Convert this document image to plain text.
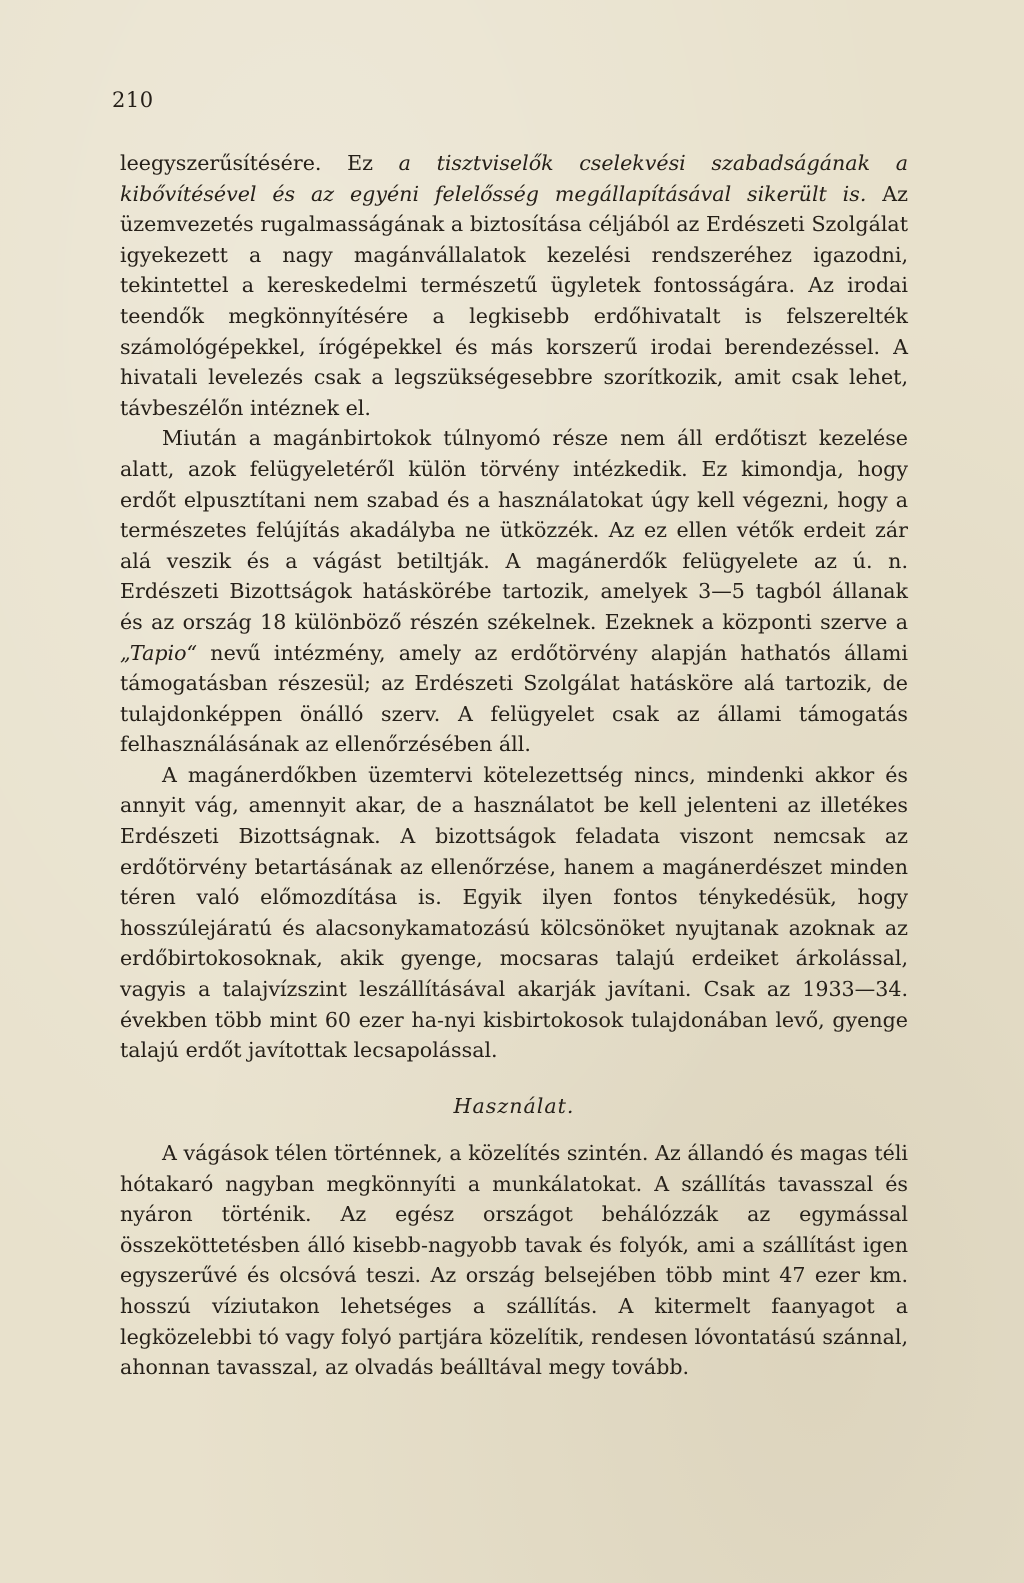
210

leegyszerűsítésére. Ez a tisztviselők cselekvési szabadságának a kibővítésével és az egyéni felelősség megállapításával sikerült is. Az üzemvezetés rugalmasságának a biztosítása céljából az Erdészeti Szolgálat igyekezett a nagy magánvállalatok kezelési rendszeréhez igazodni, tekintettel a kereskedelmi természetű ügyletek fontosságára. Az irodai teendők megkönnyítésére a legkisebb erdőhivatalt is felszerelték számológépekkel, írógépekkel és más korszerű irodai berendezéssel. A hivatali levelezés csak a legszükségesebbre szorítkozik, amit csak lehet, távbeszélőn intéznek el.

Miután a magánbirtokok túlnyomó része nem áll erdőtiszt kezelése alatt, azok felügyeletéről külön törvény intézkedik. Ez kimondja, hogy erdőt elpusztítani nem szabad és a használatokat úgy kell végezni, hogy a természetes felújítás akadályba ne ütközzék. Az ez ellen vétők erdeit zár alá veszik és a vágást betiltják. A magánerdők felügyelete az ú. n. Erdészeti Bizottságok hatáskörébe tartozik, amelyek 3—5 tagból állanak és az ország 18 különböző részén székelnek. Ezeknek a központi szerve a „Tapio“ nevű intézmény, amely az erdőtörvény alapján hathatós állami támogatásban részesül; az Erdészeti Szolgálat hatásköre alá tartozik, de tulajdonképpen önálló szerv. A felügyelet csak az állami támogatás felhasználásának az ellenőrzésében áll.

A magánerdőkben üzemtervi kötelezettség nincs, mindenki akkor és annyit vág, amennyit akar, de a használatot be kell jelenteni az illetékes Erdészeti Bizottságnak. A bizottságok feladata viszont nemcsak az erdőtörvény betartásának az ellenőrzése, hanem a magánerdészet minden téren való előmozdítása is. Egyik ilyen fontos ténykedésük, hogy hosszúlejáratú és alacsonykamatozású kölcsönöket nyujtanak azoknak az erdőbirtokosoknak, akik gyenge, mocsaras talajú erdeiket árkolással, vagyis a talajvízszint leszállításával akarják javítani. Csak az 1933—34. években több mint 60 ezer ha-nyi kisbirtokosok tulajdonában levő, gyenge talajú erdőt javítottak lecsapolással.

Használat.

A vágások télen történnek, a közelítés szintén. Az állandó és magas téli hótakaró nagyban megkönnyíti a munkálatokat. A szállítás tavasszal és nyáron történik. Az egész országot behálózzák az egymással összeköttetésben álló kisebb-nagyobb tavak és folyók, ami a szállítást igen egyszerűvé és olcsóvá teszi. Az ország belsejében több mint 47 ezer km. hosszú víziutakon lehetséges a szállítás. A kitermelt faanyagot a legközelebbi tó vagy folyó partjára közelítik, rendesen lóvontatású szánnal, ahonnan tavasszal, az olvadás beálltával megy tovább.
